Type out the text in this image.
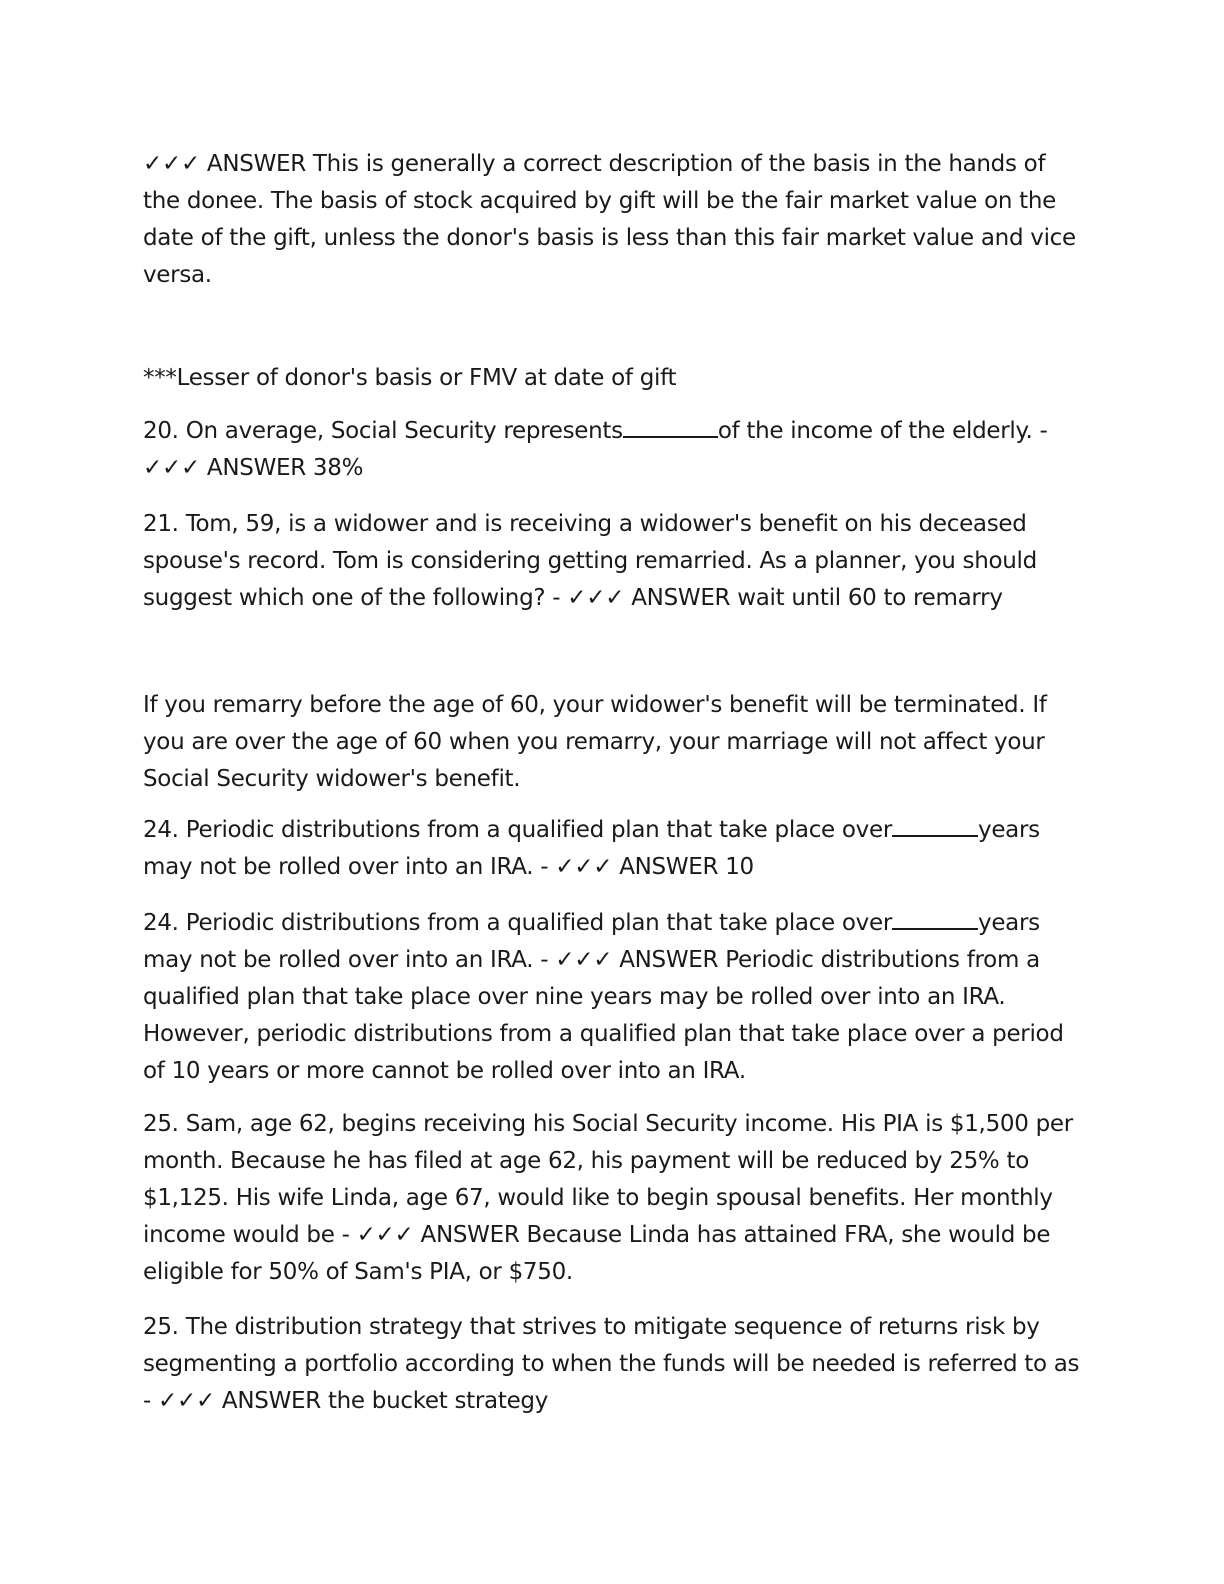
✓✓✓ ANSWER This is generally a correct description of the basis in the hands of the donee. The basis of stock acquired by gift will be the fair market value on the date of the gift, unless the donor's basis is less than this fair market value and vice versa.

***Lesser of donor's basis or FMV at date of gift

20. On average, Social Security represents	of the income of the elderly. - ✓✓✓ ANSWER 38%

21. Tom, 59, is a widower and is receiving a widower's benefit on his deceased spouse's record. Tom is considering getting remarried. As a planner, you should suggest which one of the following? - ✓✓✓ ANSWER wait until 60 to remarry

If you remarry before the age of 60, your widower's benefit will be terminated. If you are over the age of 60 when you remarry, your marriage will not affect your Social Security widower's benefit.

24. Periodic distributions from a qualified plan that take place over	years may not be rolled over into an IRA. - ✓✓✓ ANSWER 10

24. Periodic distributions from a qualified plan that take place over	years may not be rolled over into an IRA. - ✓✓✓ ANSWER Periodic distributions from a qualified plan that take place over nine years may be rolled over into an IRA. However, periodic distributions from a qualified plan that take place over a period of 10 years or more cannot be rolled over into an IRA.

25. Sam, age 62, begins receiving his Social Security income. His PIA is $1,500 per month. Because he has filed at age 62, his payment will be reduced by 25% to $1,125. His wife Linda, age 67, would like to begin spousal benefits. Her monthly income would be - ✓✓✓ ANSWER Because Linda has attained FRA, she would be eligible for 50% of Sam's PIA, or $750.

25. The distribution strategy that strives to mitigate sequence of returns risk by segmenting a portfolio according to when the funds will be needed is referred to as - ✓✓✓ ANSWER the bucket strategy
